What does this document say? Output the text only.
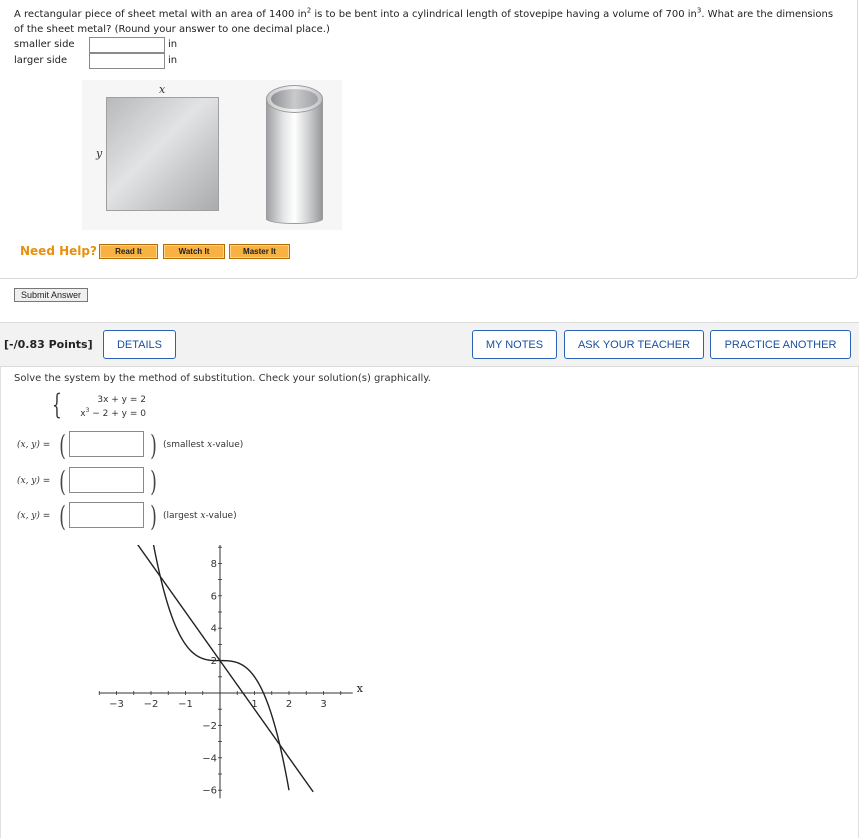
A rectangular piece of sheet metal with an area of 1400 $in^2$ is to be bent into a cylindrical length of stovepipe having a volume of 700 $in^3$. What are the dimensions of the sheet metal? (Round your answer to one decimal place.)
smaller side	in
larger side	in
x
y
Need Help?	Read It	Watch It	Master It
Submit Answer
[-/0.83 Points]	DETAILS	MY NOTES	ASK YOUR TEACHER	PRACTICE ANOTHER
Solve the system by the method of substitution. Check your solution(s) graphically.
{	3x + y = 2
$x^3 - 2 + y = 0$
(x, y) = (	) (smallest x-value)
(x, y) = (	)
(x, y) = (	) (largest x-value)
−3 −2 −1	1	2	3
−6
−4
−2
2
4
6
8
x
